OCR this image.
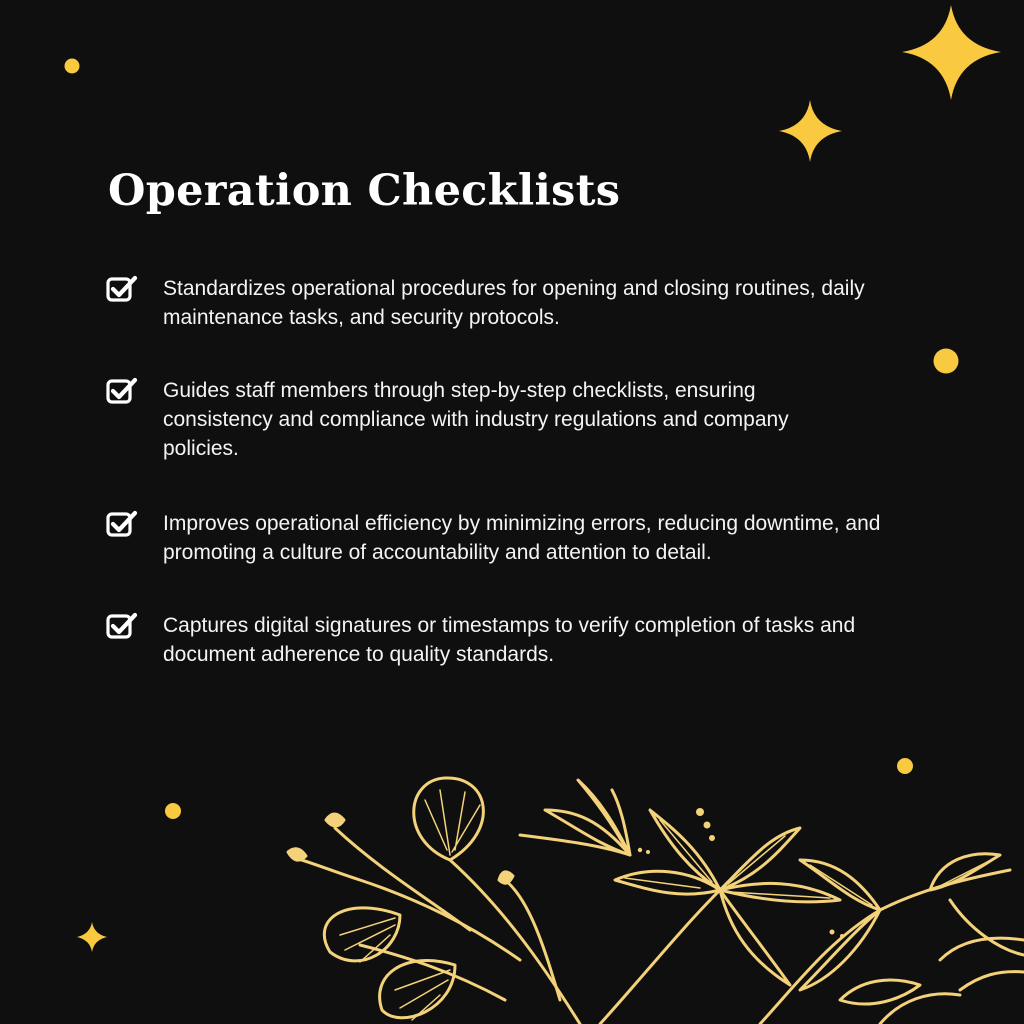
Operation Checklists
Standardizes operational procedures for opening and closing routines, daily maintenance tasks, and security protocols.
Guides staff members through step-by-step checklists, ensuring consistency and compliance with industry regulations and company policies.
Improves operational efficiency by minimizing errors, reducing downtime, and promoting a culture of accountability and attention to detail.
Captures digital signatures or timestamps to verify completion of tasks and document adherence to quality standards.
